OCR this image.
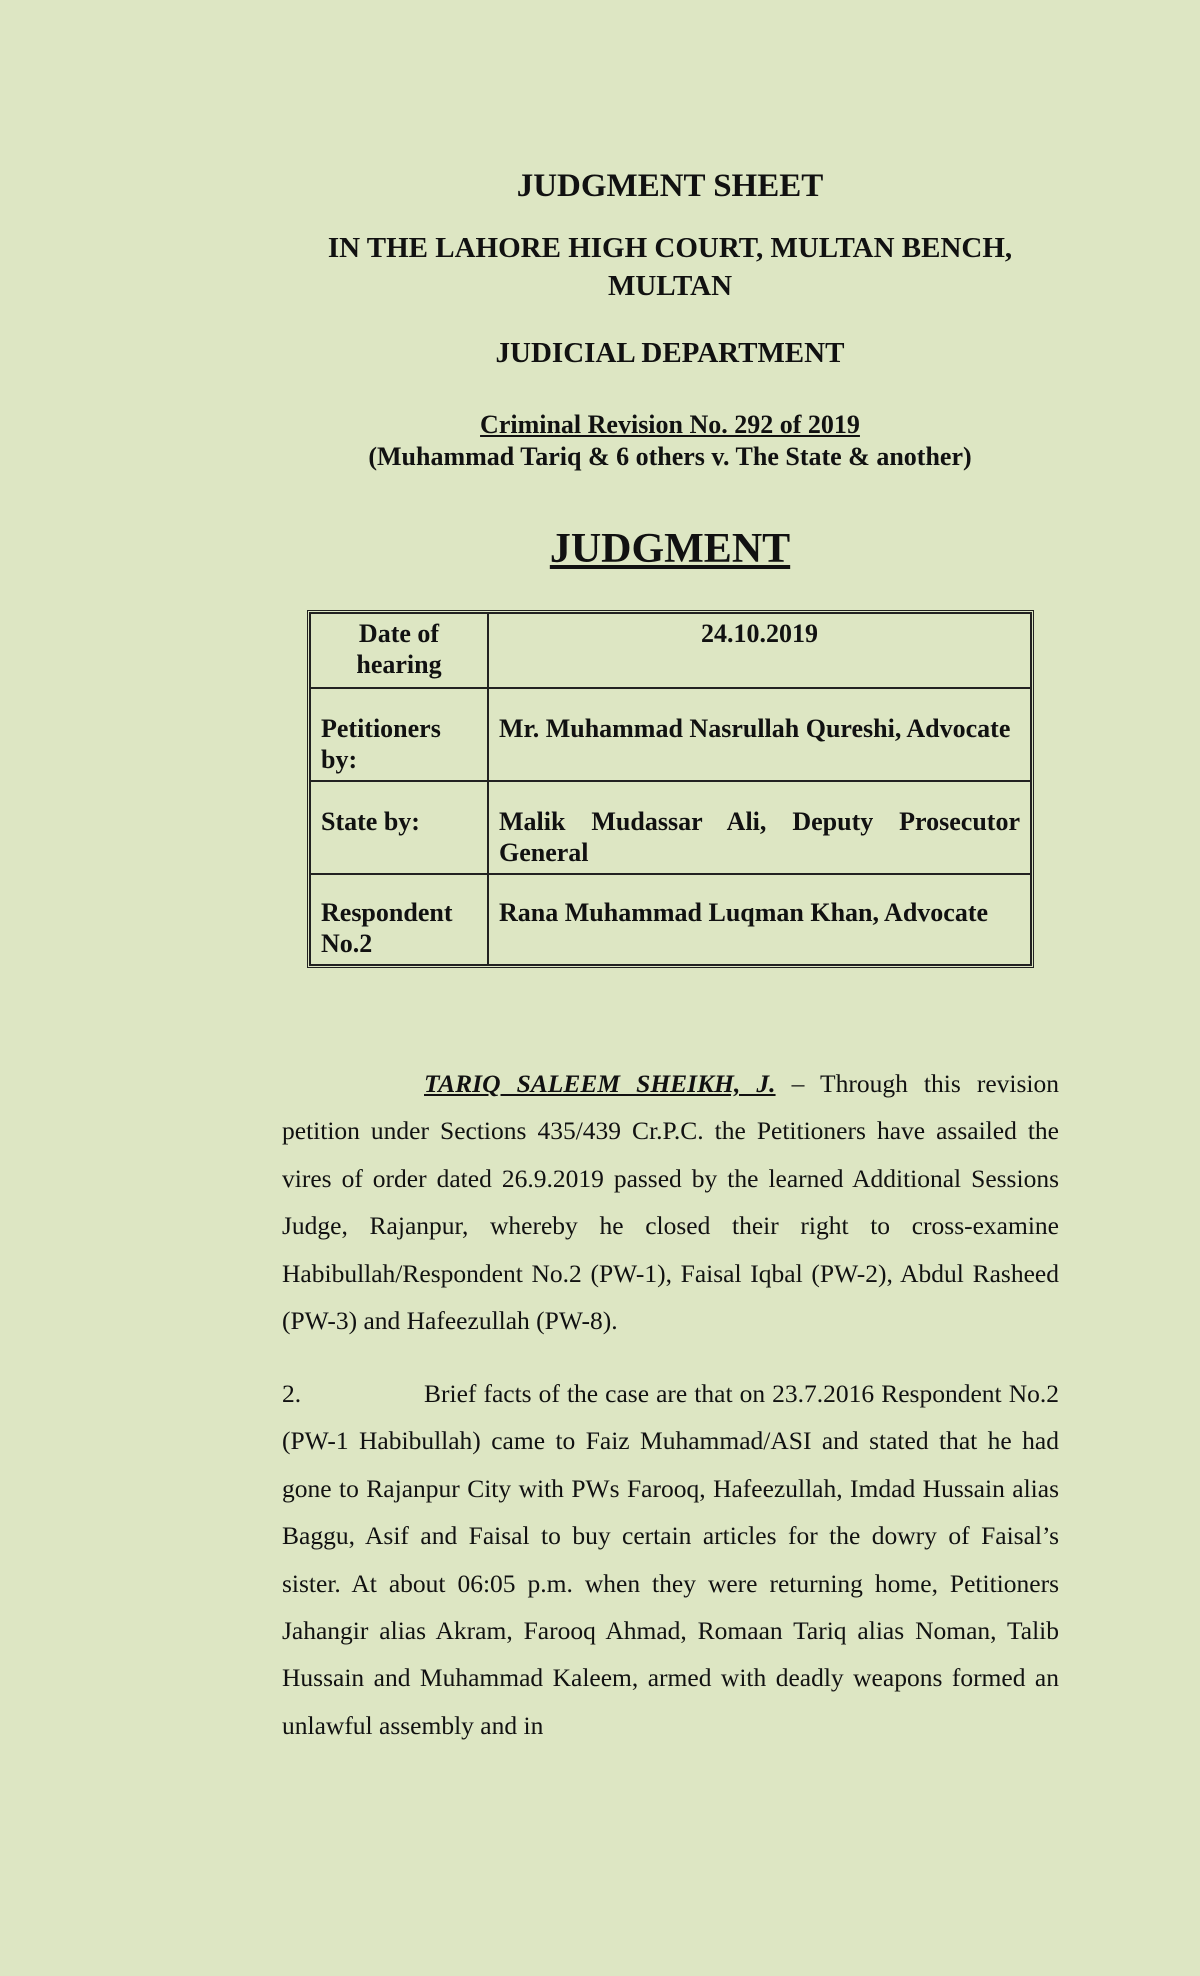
JUDGMENT SHEET
IN THE LAHORE HIGH COURT, MULTAN BENCH,
MULTAN
JUDICIAL DEPARTMENT
Criminal Revision No. 292 of 2019
(Muhammad Tariq & 6 others v. The State & another)
JUDGMENT
Date of hearing	24.10.2019
Petitioners by:	Mr. Muhammad Nasrullah Qureshi, Advocate
State by:	Malik Mudassar Ali, Deputy Prosecutor General
Respondent No.2	Rana Muhammad Luqman Khan, Advocate
TARIQ SALEEM SHEIKH, J. – Through this revision petition under Sections 435/439 Cr.P.C. the Petitioners have assailed the vires of order dated 26.9.2019 passed by the learned Additional Sessions Judge, Rajanpur, whereby he closed their right to cross-examine Habibullah/Respondent No.2 (PW-1), Faisal Iqbal (PW-2), Abdul Rasheed (PW-3) and Hafeezullah (PW-8).
2.	Brief facts of the case are that on 23.7.2016 Respondent No.2 (PW-1 Habibullah) came to Faiz Muhammad/ASI and stated that he had gone to Rajanpur City with PWs Farooq, Hafeezullah, Imdad Hussain alias Baggu, Asif and Faisal to buy certain articles for the dowry of Faisal’s sister. At about 06:05 p.m. when they were returning home, Petitioners Jahangir alias Akram, Farooq Ahmad, Romaan Tariq alias Noman, Talib Hussain and Muhammad Kaleem, armed with deadly weapons formed an unlawful assembly and in
